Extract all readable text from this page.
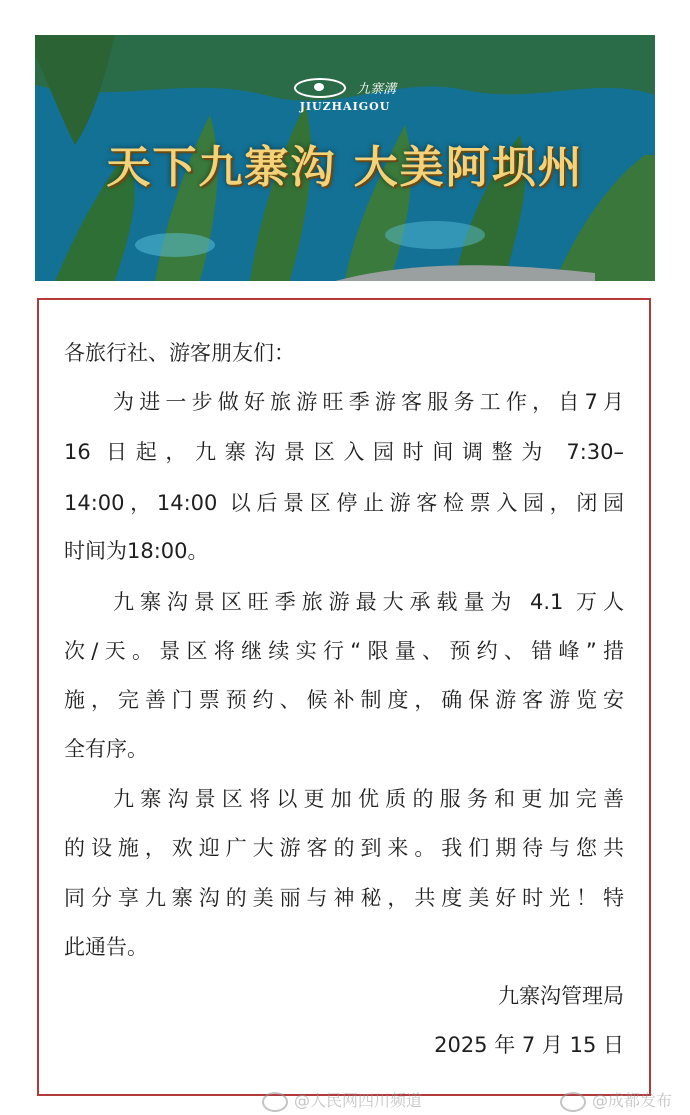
九寨溝
JIUZHAIGOU
天下九寨沟 大美阿坝州

各旅行社、游客朋友们：

为进一步做好旅游旺季游客服务工作，自7月

16 日起，九寨沟景区入园时间调整为 7:30–

14:00，14:00 以后景区停止游客检票入园，闭园

时间为18:00。

九寨沟景区旺季旅游最大承载量为 4.1 万人

次/天。景区将继续实行“限量、预约、错峰”措

施，完善门票预约、候补制度，确保游客游览安

全有序。

九寨沟景区将以更加优质的服务和更加完善

的设施，欢迎广大游客的到来。我们期待与您共

同分享九寨沟的美丽与神秘，共度美好时光！特

此通告。

九寨沟管理局

2025 年 7 月 15 日

@人民网四川频道	@成都发布
